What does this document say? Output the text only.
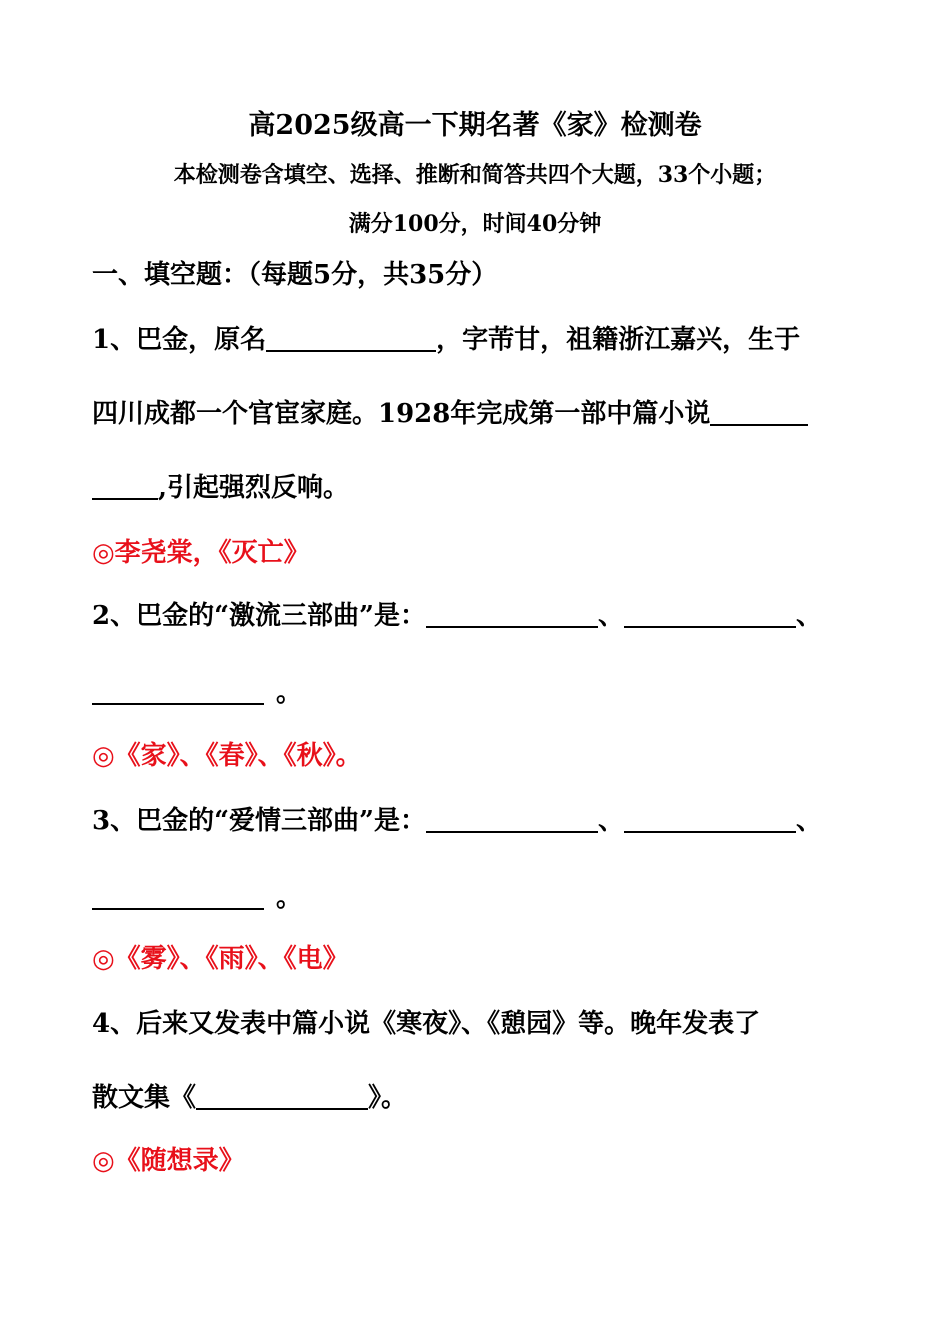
高2025级高一下期名著《家》检测卷
本检测卷含填空、选择、推断和简答共四个大题，33个小题；
满分100分，时间40分钟
一、填空题：（每题5分，共35分）
1、巴金，原名	，字芾甘，祖籍浙江嘉兴，生于
四川成都一个官宦家庭。1928年完成第一部中篇小说
,引起强烈反响。
◎李尧棠，《灭亡》
2、巴金的“激流三部曲”是：	、	、
。
◎《家》、《春》、《秋》。
3、巴金的“爱情三部曲”是：	、	、
。
◎《雾》、《雨》、《电》
4、后来又发表中篇小说《寒夜》、《憩园》等。晚年发表了
散文集《	》。
◎《随想录》
